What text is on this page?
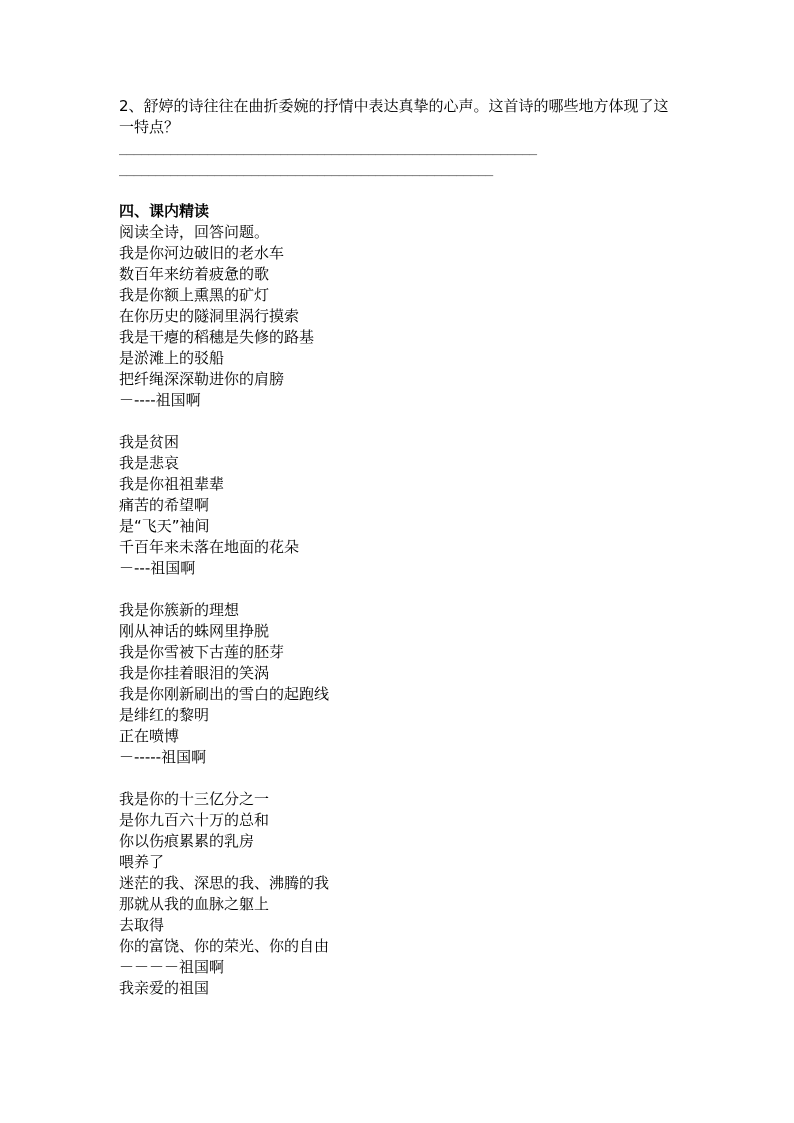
2、舒婷的诗往往在曲折委婉的抒情中表达真挚的心声。这首诗的哪些地方体现了这一特点？

_________________________________________________________

___________________________________________________

四、课内精读

阅读全诗，回答问题。

我是你河边破旧的老水车

数百年来纺着疲惫的歌

我是你额上熏黑的矿灯

在你历史的隧洞里涡行摸索

我是干瘪的稻穗是失修的路基

是淤滩上的驳船

把纤绳深深勒进你的肩膀

－----祖国啊

我是贫困

我是悲哀

我是你祖祖辈辈

痛苦的希望啊

是“飞天”袖间

千百年来未落在地面的花朵

－---祖国啊

我是你簇新的理想

刚从神话的蛛网里挣脱

我是你雪被下古莲的胚芽

我是你挂着眼泪的笑涡

我是你刚新刷出的雪白的起跑线

是绯红的黎明

正在喷博

－-----祖国啊

我是你的十三亿分之一

是你九百六十万的总和

你以伤痕累累的乳房

喂养了

迷茫的我、深思的我、沸腾的我

那就从我的血脉之躯上

去取得

你的富饶、你的荣光、你的自由

－－－－祖国啊

我亲爱的祖国
